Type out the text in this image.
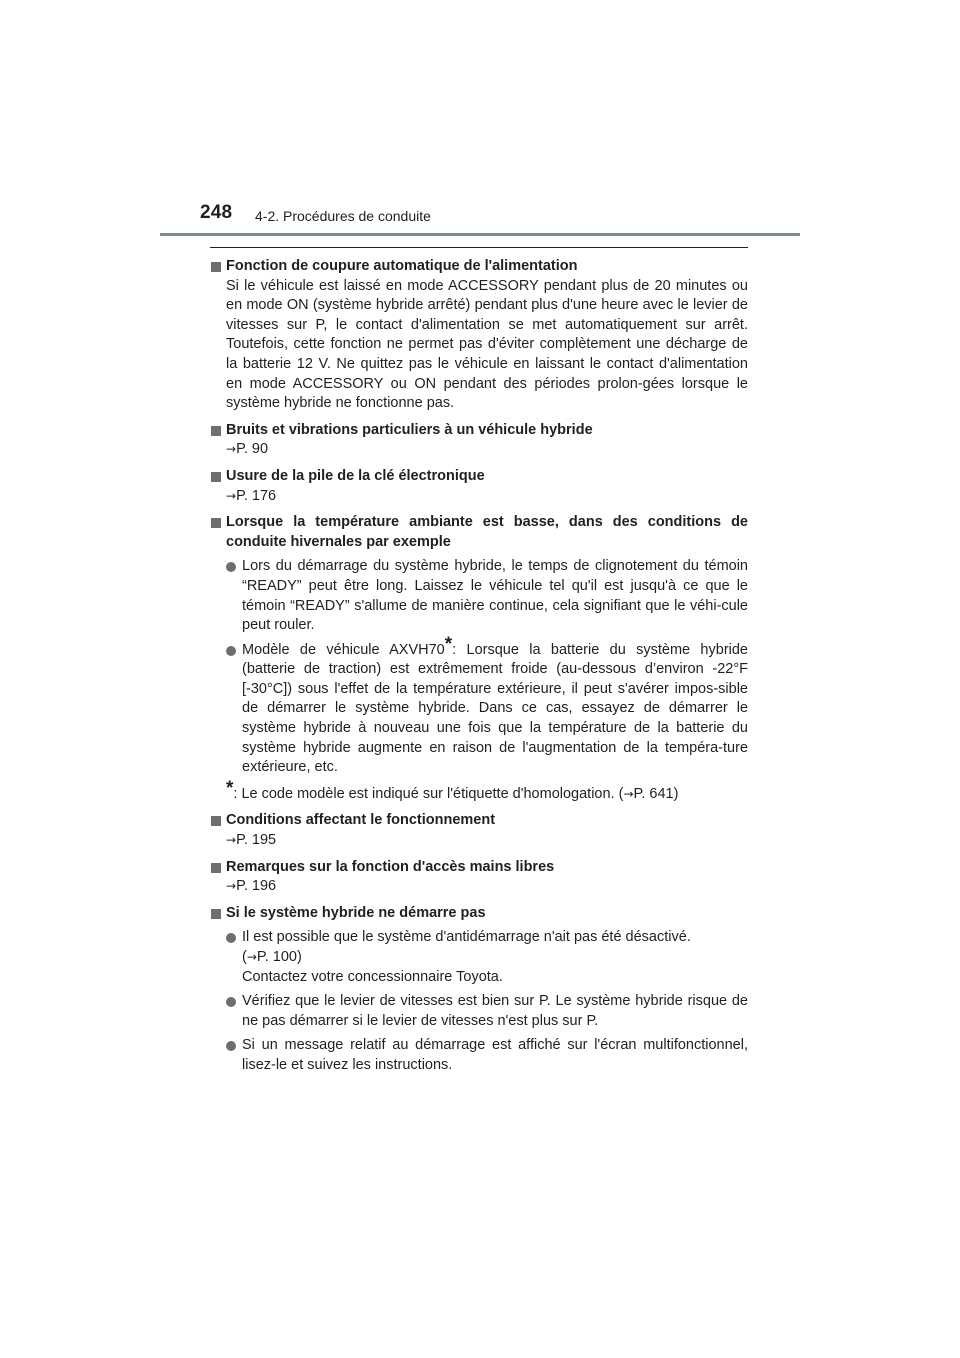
248 4-2. Procédures de conduite
Fonction de coupure automatique de l'alimentation
Si le véhicule est laissé en mode ACCESSORY pendant plus de 20 minutes ou en mode ON (système hybride arrêté) pendant plus d'une heure avec le levier de vitesses sur P, le contact d'alimentation se met automatiquement sur arrêt. Toutefois, cette fonction ne permet pas d'éviter complètement une décharge de la batterie 12 V. Ne quittez pas le véhicule en laissant le contact d'alimentation en mode ACCESSORY ou ON pendant des périodes prolon-gées lorsque le système hybride ne fonctionne pas.
Bruits et vibrations particuliers à un véhicule hybride
→P. 90
Usure de la pile de la clé électronique
→P. 176
Lorsque la température ambiante est basse, dans des conditions de conduite hivernales par exemple
Lors du démarrage du système hybride, le temps de clignotement du témoin “READY” peut être long. Laissez le véhicule tel qu'il est jusqu'à ce que le témoin “READY” s'allume de manière continue, cela signifiant que le véhi-cule peut rouler.
Modèle de véhicule AXVH70*: Lorsque la batterie du système hybride (batterie de traction) est extrêmement froide (au-dessous d’environ -22°F [-30°C]) sous l'effet de la température extérieure, il peut s'avérer impos-sible de démarrer le système hybride. Dans ce cas, essayez de démarrer le système hybride à nouveau une fois que la température de la batterie du système hybride augmente en raison de l'augmentation de la tempéra-ture extérieure, etc.
*: Le code modèle est indiqué sur l'étiquette d'homologation. (→P. 641)
Conditions affectant le fonctionnement
→P. 195
Remarques sur la fonction d'accès mains libres
→P. 196
Si le système hybride ne démarre pas
Il est possible que le système d'antidémarrage n'ait pas été désactivé.
(→P. 100)
Contactez votre concessionnaire Toyota.
Vérifiez que le levier de vitesses est bien sur P. Le système hybride risque de ne pas démarrer si le levier de vitesses n'est plus sur P.
Si un message relatif au démarrage est affiché sur l'écran multifonctionnel, lisez-le et suivez les instructions.
